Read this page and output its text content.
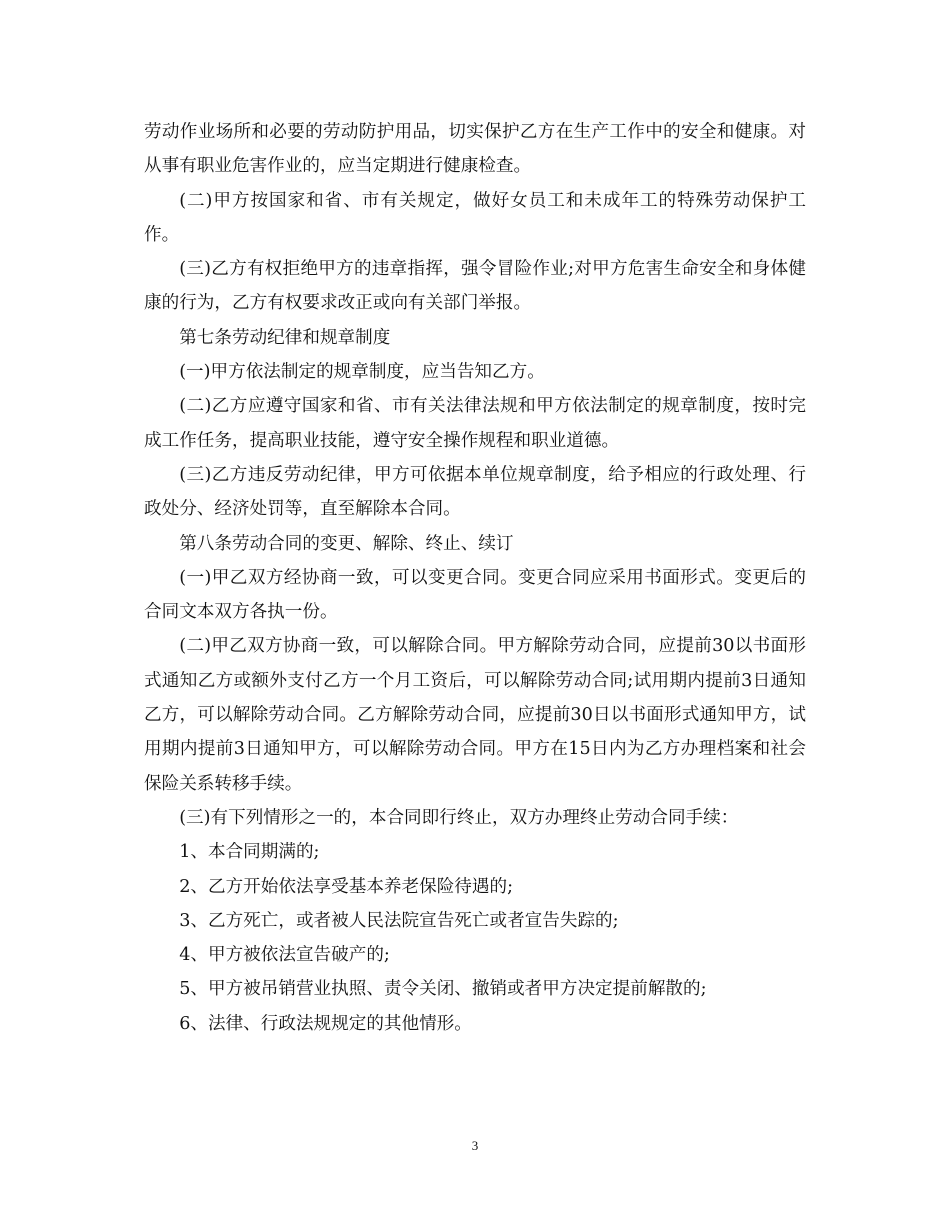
劳动作业场所和必要的劳动防护用品，切实保护乙方在生产工作中的安全和健康。对从事有职业危害作业的，应当定期进行健康检查。

(二)甲方按国家和省、市有关规定，做好女员工和未成年工的特殊劳动保护工作。

(三)乙方有权拒绝甲方的违章指挥，强令冒险作业;对甲方危害生命安全和身体健康的行为，乙方有权要求改正或向有关部门举报。

第七条劳动纪律和规章制度

(一)甲方依法制定的规章制度，应当告知乙方。

(二)乙方应遵守国家和省、市有关法律法规和甲方依法制定的规章制度，按时完成工作任务，提高职业技能，遵守安全操作规程和职业道德。

(三)乙方违反劳动纪律，甲方可依据本单位规章制度，给予相应的行政处理、行政处分、经济处罚等，直至解除本合同。

第八条劳动合同的变更、解除、终止、续订

(一)甲乙双方经协商一致，可以变更合同。变更合同应采用书面形式。变更后的合同文本双方各执一份。

(二)甲乙双方协商一致，可以解除合同。甲方解除劳动合同，应提前30以书面形式通知乙方或额外支付乙方一个月工资后，可以解除劳动合同;试用期内提前3日通知乙方，可以解除劳动合同。乙方解除劳动合同，应提前30日以书面形式通知甲方，试用期内提前3日通知甲方，可以解除劳动合同。甲方在15日内为乙方办理档案和社会保险关系转移手续。

(三)有下列情形之一的，本合同即行终止，双方办理终止劳动合同手续：

1、本合同期满的;

2、乙方开始依法享受基本养老保险待遇的;

3、乙方死亡，或者被人民法院宣告死亡或者宣告失踪的;

4、甲方被依法宣告破产的;

5、甲方被吊销营业执照、责令关闭、撤销或者甲方决定提前解散的;

6、法律、行政法规规定的其他情形。

3
